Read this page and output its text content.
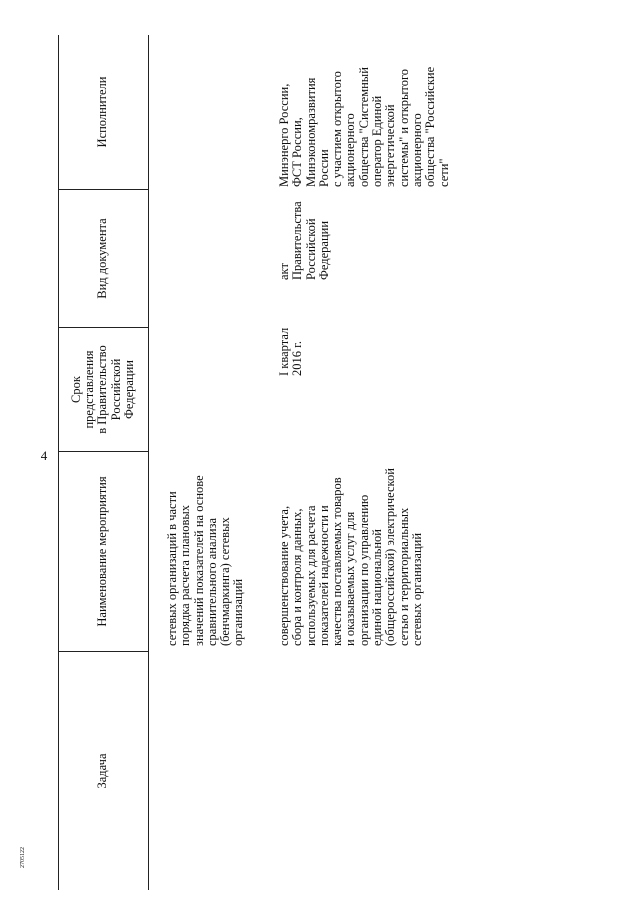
4
2705122
Задача
Наименование мероприятия
Срок
представления
в Правительство
Российской
Федерации
Вид документа
Исполнители
сетевых организаций в части
порядка расчета плановых
значений показателей на основе
сравнительного анализа
(бенчмаркинга) сетевых
организаций	совершенствование учета,
сбора и контроля данных,
используемых для расчета
показателей надежности и
качества поставляемых товаров
и оказываемых услуг для
организации по управлению
единой национальной
(общероссийской) электрической
сетью и территориальных
сетевых организаций
I квартал
2016 г.
акт
Правительства
Российской
Федерации
Минэнерго России,
ФСТ России,
Минэкономразвития
России
с участием открытого
акционерного
общества "Системный
оператор Единой
энергетической
системы" и открытого
акционерного
общества "Российские
сети"
